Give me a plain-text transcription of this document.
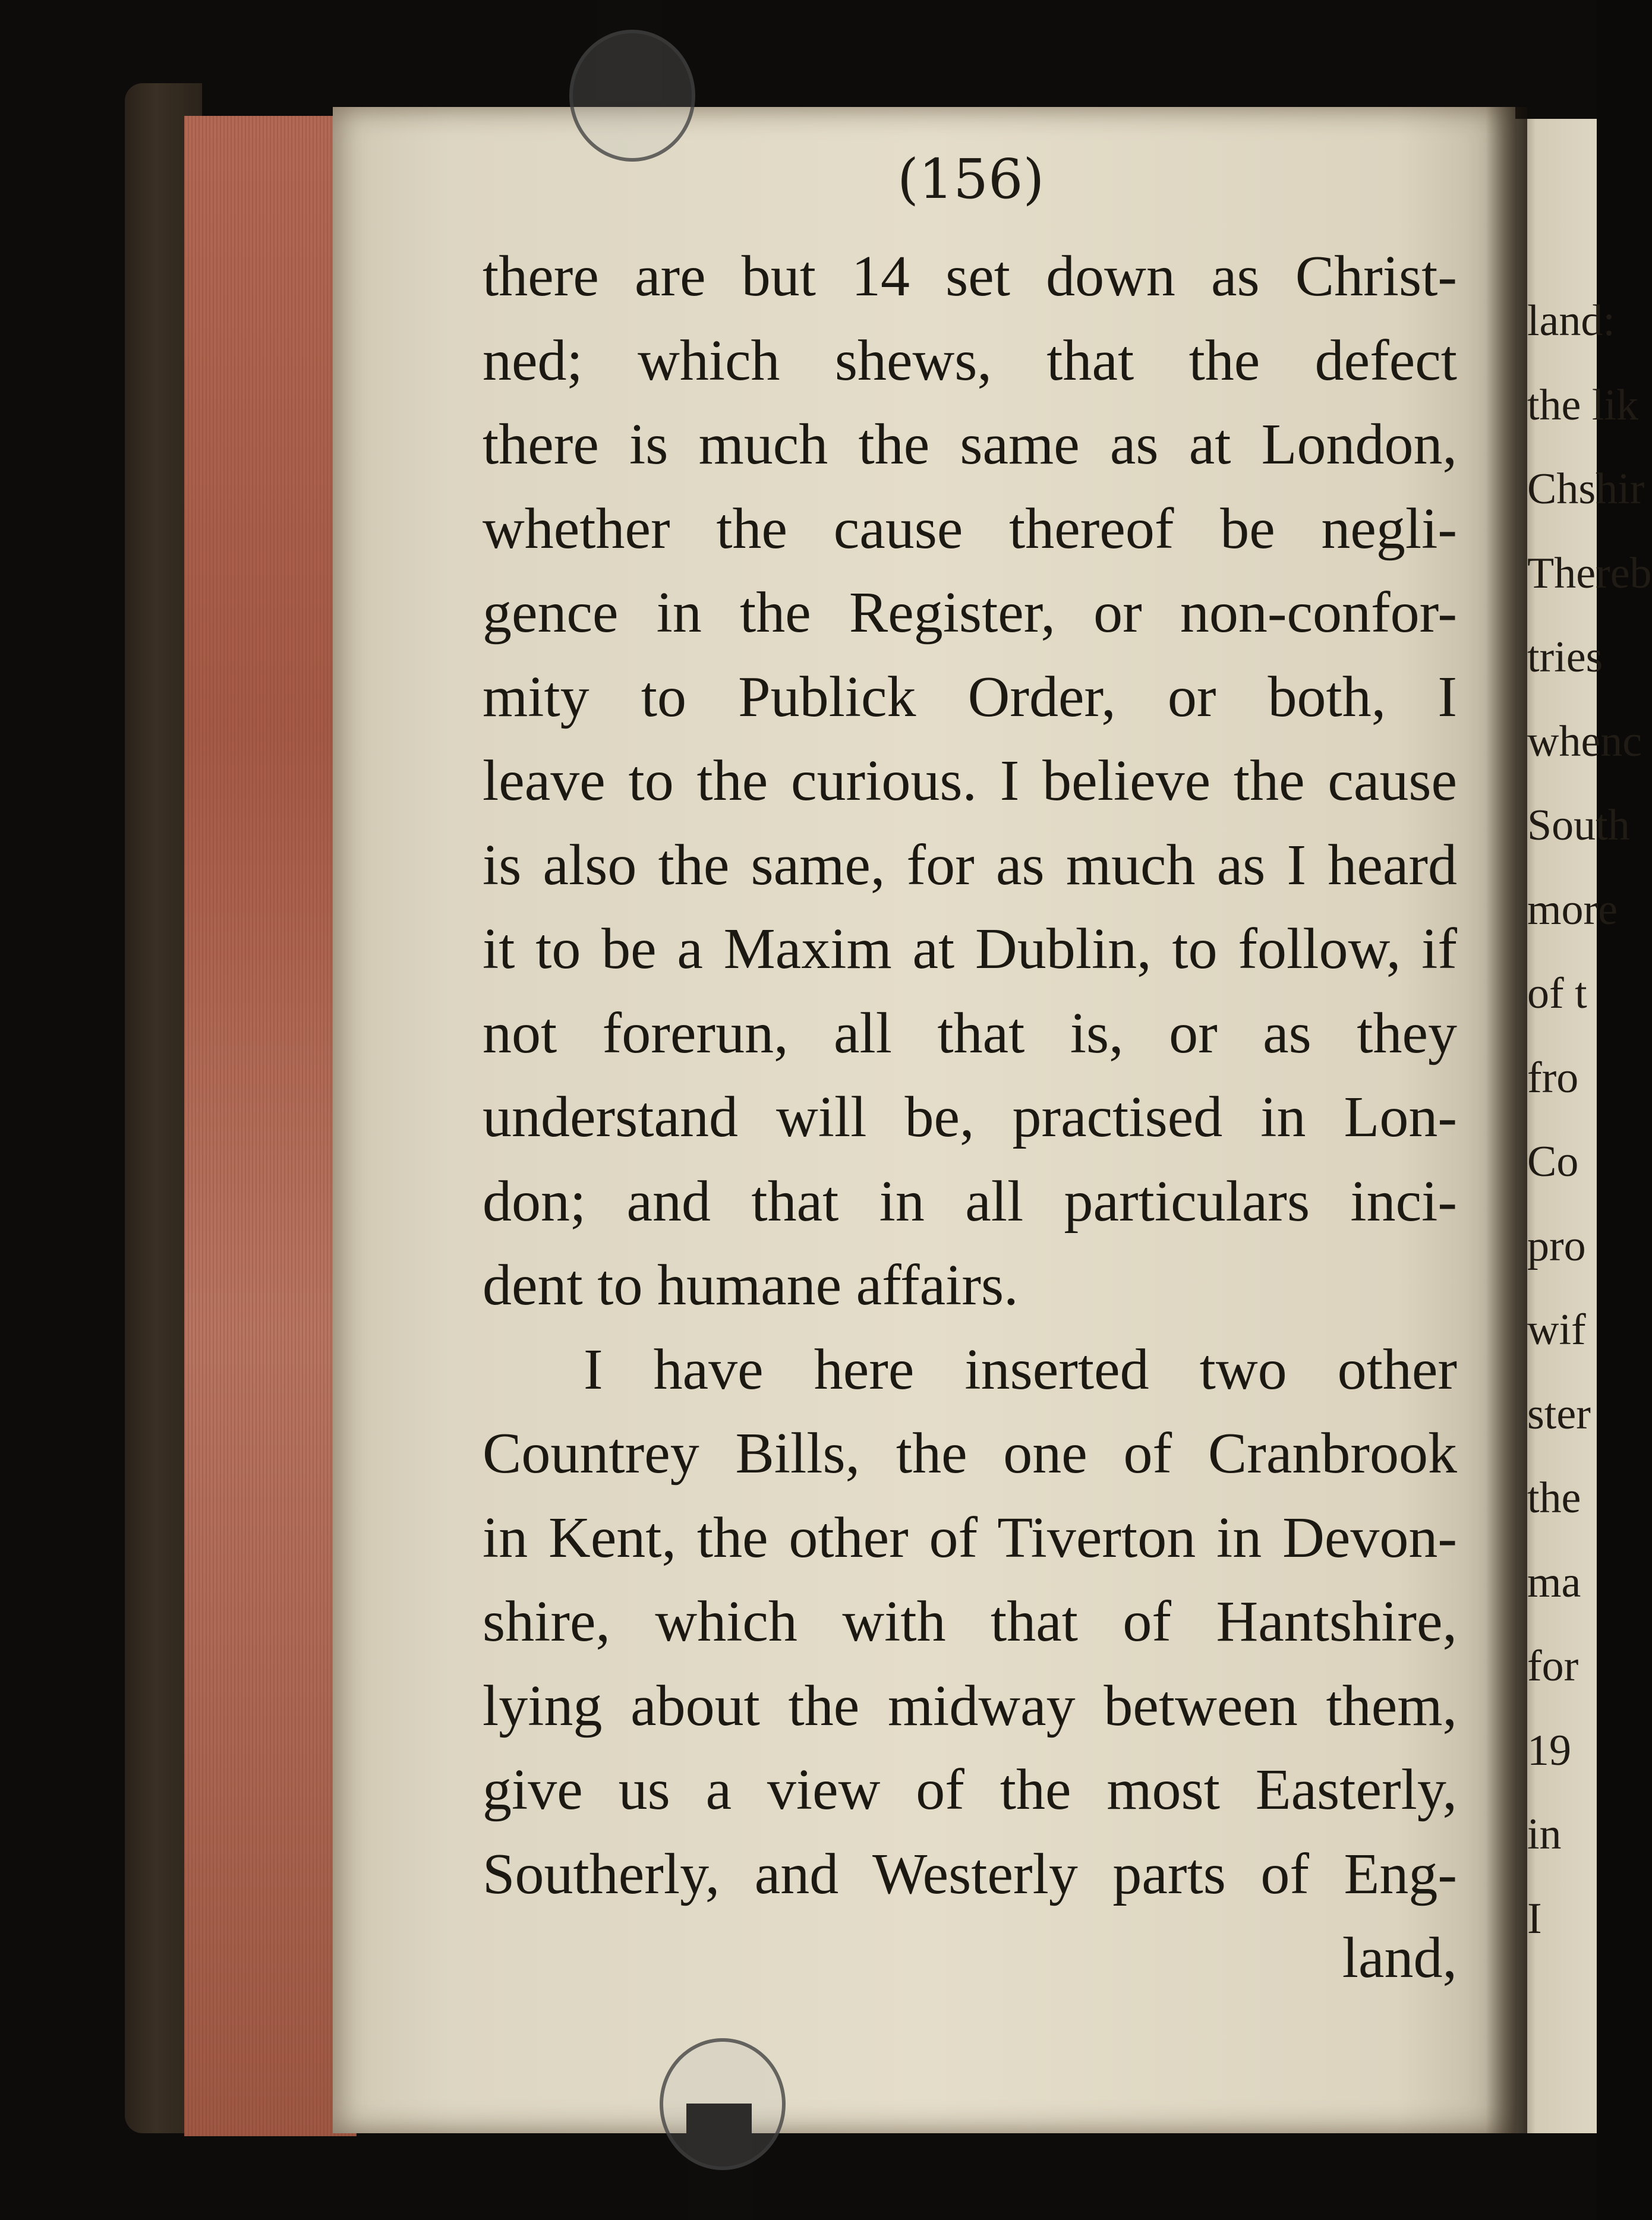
(156)
there are but 14 set down as Christ-
ned; which shews, that the defect
there is much the same as at London,
whether the cause thereof be negli-
gence in the Register, or non-confor-
mity to Publick Order, or both, I
leave to the curious. I believe the cause
is also the same, for as much as I heard
it to be a Maxim at Dublin, to follow, if
not forerun, all that is, or as they
understand will be, practised in Lon-
don; and that in all particulars inci-
dent to humane affairs.
I have here inserted two other
Countrey Bills, the one of Cranbrook
in Kent, the other of Tiverton in Devon-
shire, which with that of Hantshire,
lying about the midway between them,
give us a view of the most Easterly,
Southerly, and Westerly parts of Eng-
land,
land:
the lik
Chshir
Thereb
tries
whenc
South
more
of t
fro
Co
pro
wif
ster
the
ma
for
19
in
I
